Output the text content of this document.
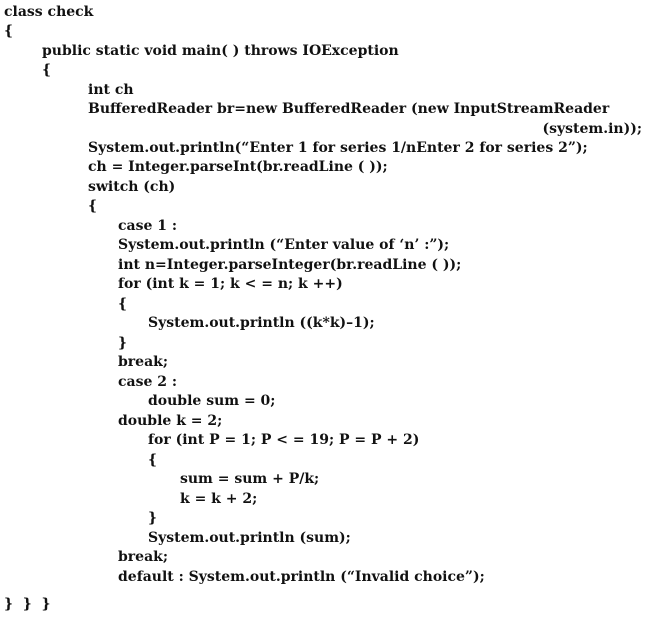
class check
{
public static void main( ) throws IOException
{
int ch
BufferedReader br=new BufferedReader (new InputStreamReader
(system.in));
System.out.println(“Enter 1 for series 1/nEnter 2 for series 2”);
ch = Integer.parseInt(br.readLine ( ));
switch (ch)
{
case 1 :
System.out.println (“Enter value of ‘n’ :”);
int n=Integer.parseInteger(br.readLine ( ));
for (int k = 1; k < = n; k ++)
{
System.out.println ((k*k)–1);
}
break;
case 2 :
double sum = 0;
double k = 2;
for (int P = 1; P < = 19; P = P + 2)
{
sum = sum + P/k;
k = k + 2;
}
System.out.println (sum);
break;
default : System.out.println (“Invalid choice”);
}  }  }
